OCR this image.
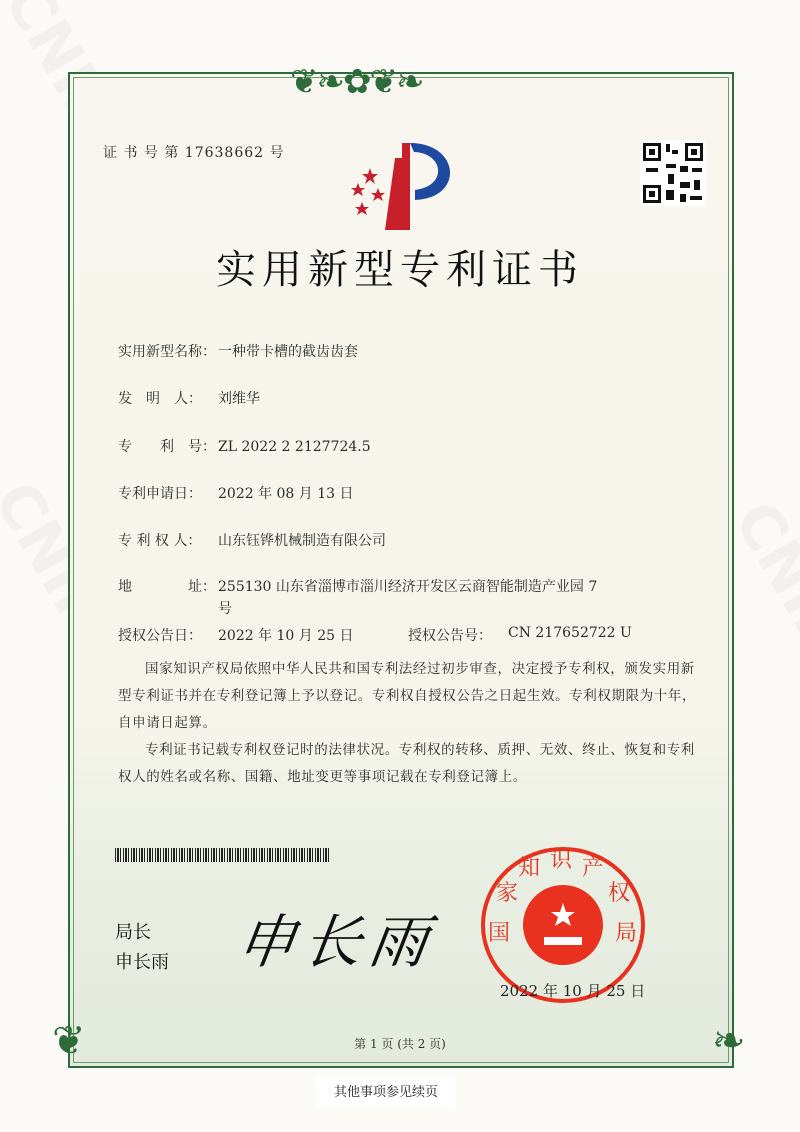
❦❧✿❦❧
❦	❧
证 书 号 第 17638662 号
实用新型专利证书
实用新型名称： 一种带卡槽的截齿齿套
发　明　人：	刘维华
专　　利　号： ZL 2022 2 2127724.5
专利申请日：	2022 年 08 月 13 日
专 利 权 人：	山东钰铧机械制造有限公司
地　　　　址： 255130 山东省淄博市淄川经济开发区云商智能制造产业园 7 号
授权公告日：	2022 年 10 月 25 日	授权公告号：	CN 217652722 U
国家知识产权局依照中华人民共和国专利法经过初步审查，决定授予专利权，颁发实用新型专利证书并在专利登记簿上予以登记。专利权自授权公告之日起生效。专利权期限为十年，自申请日起算。
专利证书记载专利权登记时的法律状况。专利权的转移、质押、无效、终止、恢复和专利权人的姓名或名称、国籍、地址变更等事项记载在专利登记簿上。
局长
申长雨 申长雨 国
家
知 识 产
权
局
2022 年 10 月 25 日
第 1 页 (共 2 页)
其他事项参见续页
